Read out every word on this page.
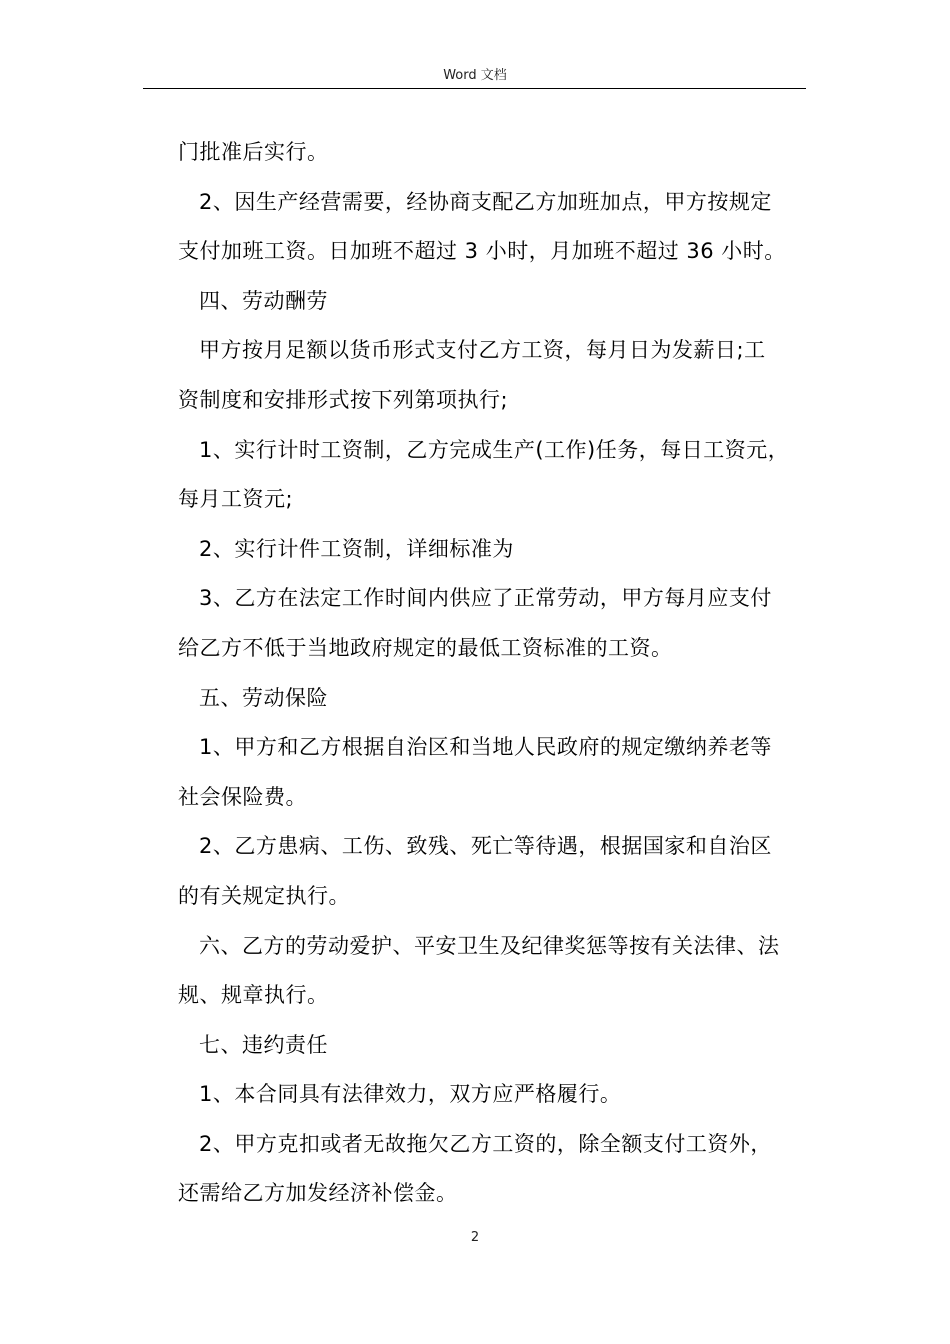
Word 文档
门批准后实行。
2、因生产经营需要，经协商支配乙方加班加点，甲方按规定
支付加班工资。日加班不超过 3 小时，月加班不超过 36 小时。
四、劳动酬劳
甲方按月足额以货币形式支付乙方工资，每月日为发薪日;工
资制度和安排形式按下列第项执行;
1、实行计时工资制，乙方完成生产(工作)任务，每日工资元，
每月工资元;
2、实行计件工资制，详细标准为
3、乙方在法定工作时间内供应了正常劳动，甲方每月应支付
给乙方不低于当地政府规定的最低工资标准的工资。
五、劳动保险
1、甲方和乙方根据自治区和当地人民政府的规定缴纳养老等
社会保险费。
2、乙方患病、工伤、致残、死亡等待遇，根据国家和自治区
的有关规定执行。
六、乙方的劳动爱护、平安卫生及纪律奖惩等按有关法律、法
规、规章执行。
七、违约责任
1、本合同具有法律效力，双方应严格履行。
2、甲方克扣或者无故拖欠乙方工资的，除全额支付工资外，
还需给乙方加发经济补偿金。
2
